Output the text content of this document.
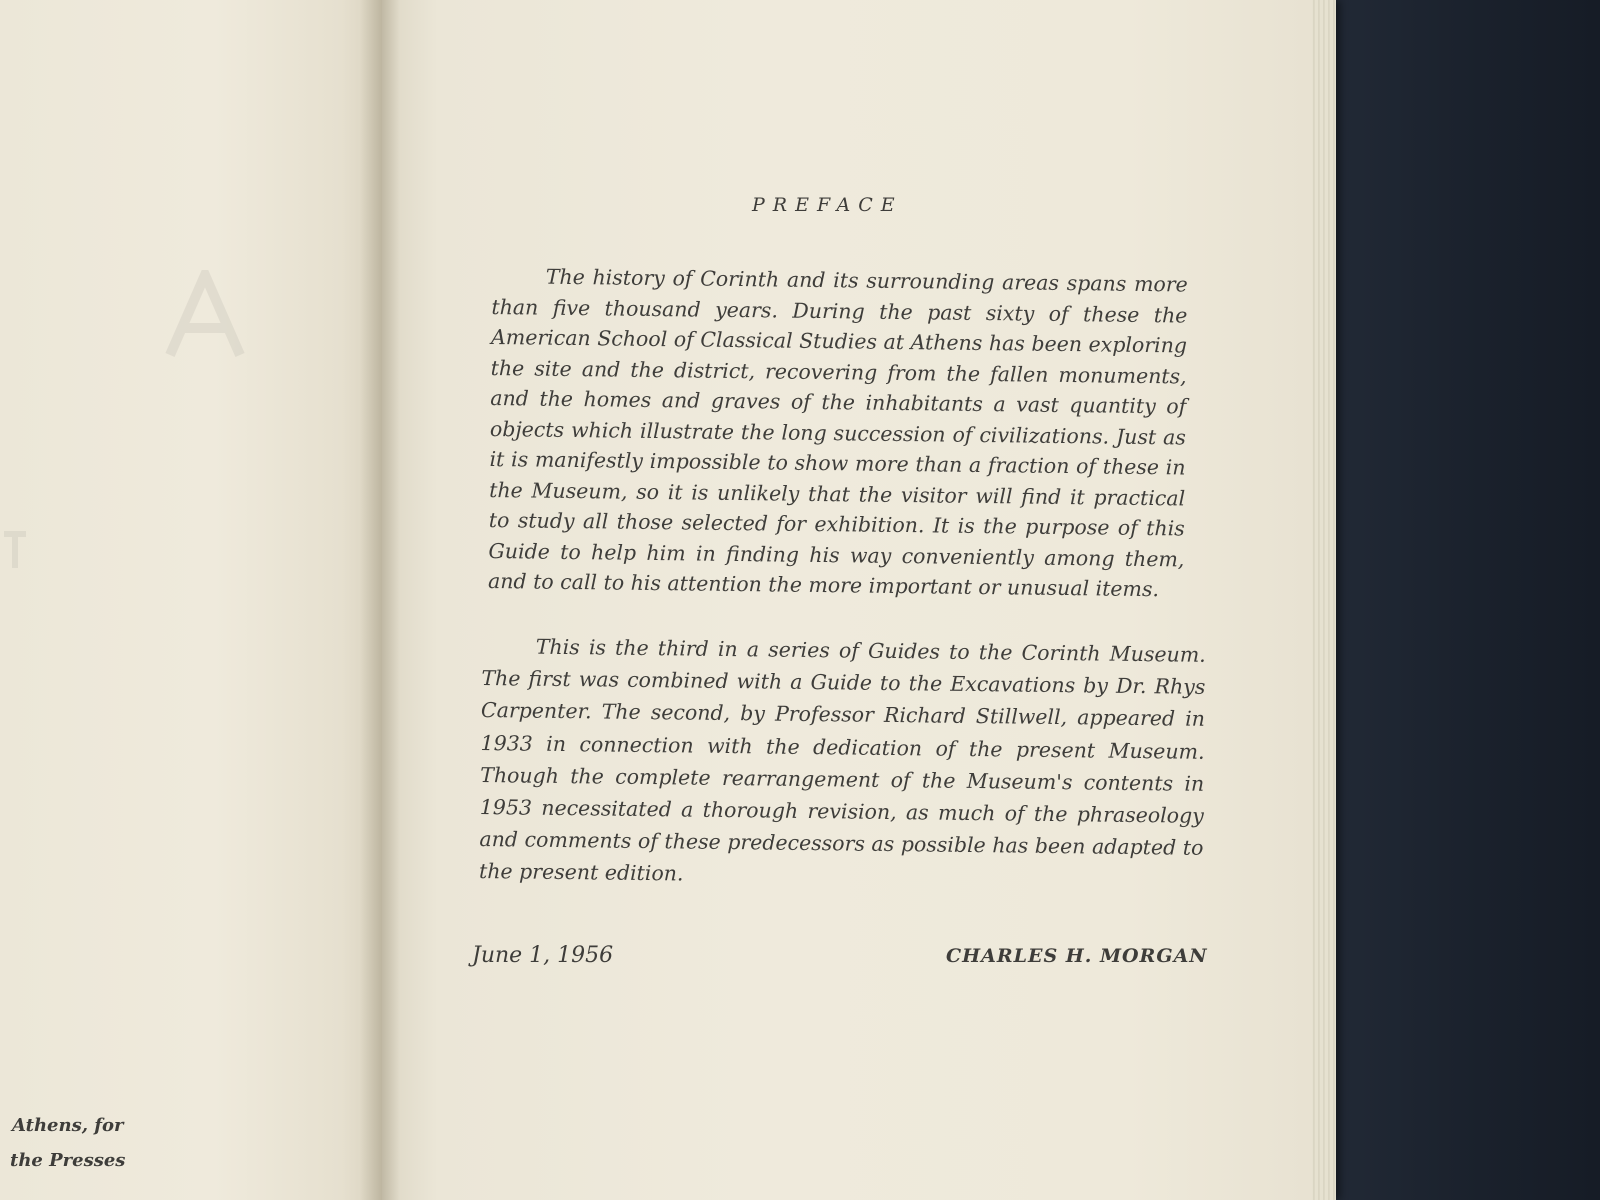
Athens, for

the Presses

PREFACE

The history of Corinth and its surrounding areas spans more than five thousand years. During the past sixty of these the American School of Classical Studies at Athens has been exploring the site and the district, recovering from the fallen monuments, and the homes and graves of the inhabitants a vast quantity of objects which illustrate the long succession of civilizations. Just as it is manifestly impossible to show more than a fraction of these in the Museum, so it is unlikely that the visitor will find it practical to study all those selected for exhibition. It is the purpose of this Guide to help him in finding his way conveniently among them, and to call to his attention the more important or unusual items.

This is the third in a series of Guides to the Corinth Museum. The first was combined with a Guide to the Excavations by Dr. Rhys Carpenter. The second, by Professor Richard Stillwell, appeared in 1933 in connection with the dedication of the present Museum. Though the complete rearrangement of the Museum's contents in 1953 necessitated a thorough revision, as much of the phraseology and comments of these predecessors as possible has been adapted to the present edition.

June 1, 1956	CHARLES H. MORGAN
